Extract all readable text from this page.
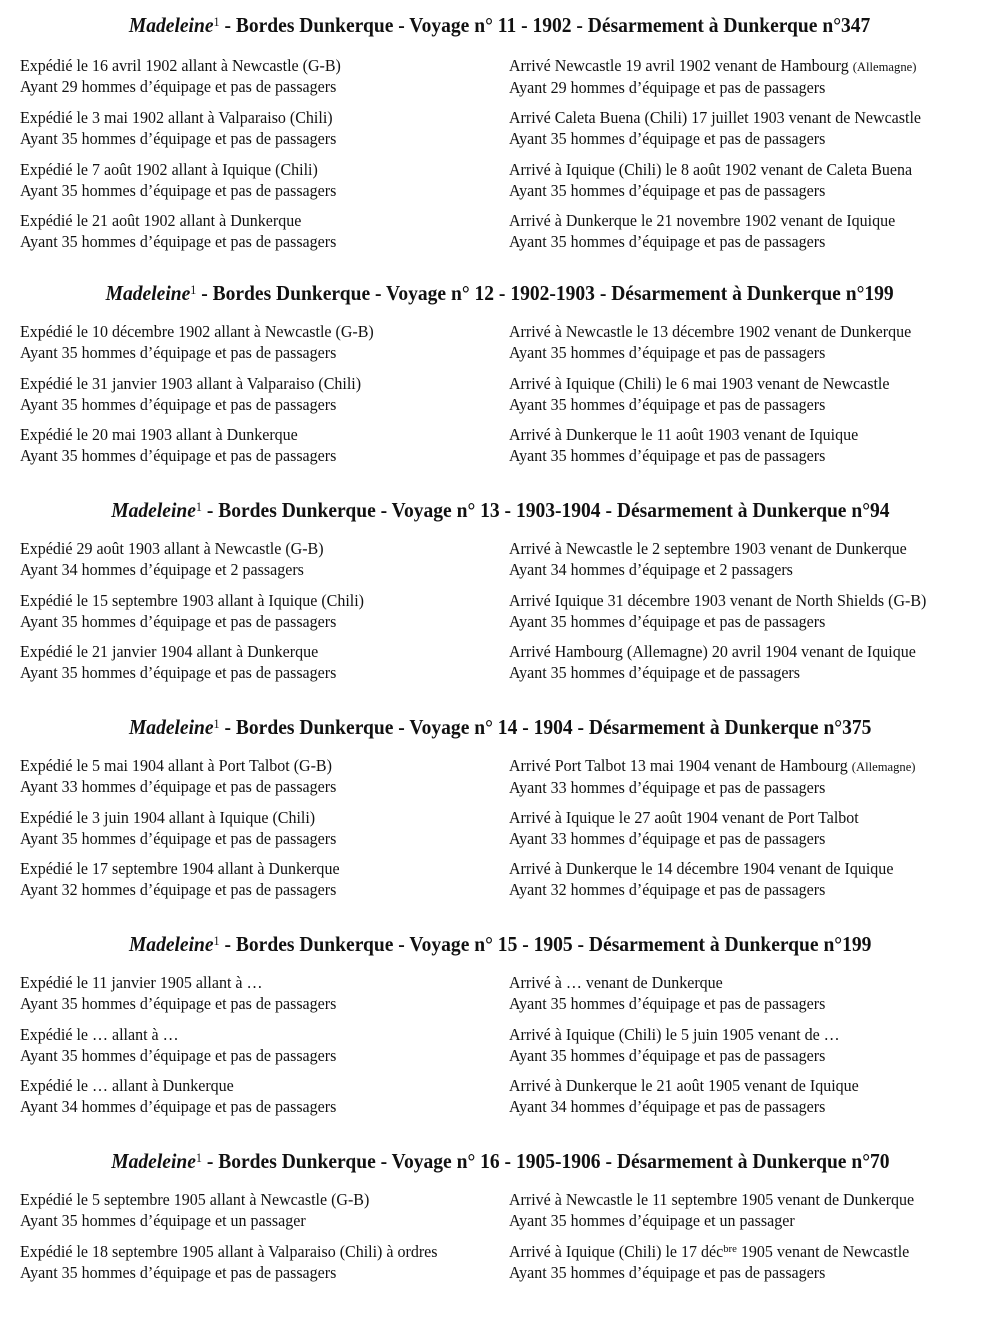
Madeleine$^1$ - Bordes Dunkerque - Voyage n° 11 - 1902 - Désarmement à Dunkerque n°347
Expédié le 16 avril 1902 allant à Newcastle (G-B)
Ayant 29 hommes d’équipage et pas de passagers
Arrivé Newcastle 19 avril 1902 venant de Hambourg (Allemagne)
Ayant 29 hommes d’équipage et pas de passagers
Expédié le 3 mai 1902 allant à Valparaiso (Chili)
Ayant 35 hommes d’équipage et pas de passagers
Arrivé Caleta Buena (Chili) 17 juillet 1903 venant de Newcastle
Ayant 35 hommes d’équipage et pas de passagers
Expédié le 7 août 1902 allant à Iquique (Chili)
Ayant 35 hommes d’équipage et pas de passagers
Arrivé à Iquique (Chili) le 8 août 1902 venant de Caleta Buena
Ayant 35 hommes d’équipage et pas de passagers
Expédié le 21 août 1902 allant à Dunkerque
Ayant 35 hommes d’équipage et pas de passagers
Arrivé à Dunkerque le 21 novembre 1902 venant de Iquique
Ayant 35 hommes d’équipage et pas de passagers
Madeleine$^1$ - Bordes Dunkerque - Voyage n° 12 - 1902-1903 - Désarmement à Dunkerque n°199
Expédié le 10 décembre 1902 allant à Newcastle (G-B)
Ayant 35 hommes d’équipage et pas de passagers
Arrivé à Newcastle le 13 décembre 1902 venant de Dunkerque
Ayant 35 hommes d’équipage et pas de passagers
Expédié le 31 janvier 1903 allant à Valparaiso (Chili)
Ayant 35 hommes d’équipage et pas de passagers
Arrivé à Iquique (Chili) le 6 mai 1903 venant de Newcastle
Ayant 35 hommes d’équipage et pas de passagers
Expédié le 20 mai 1903 allant à Dunkerque
Ayant 35 hommes d’équipage et pas de passagers
Arrivé à Dunkerque le 11 août 1903 venant de Iquique
Ayant 35 hommes d’équipage et pas de passagers
Madeleine$^1$ - Bordes Dunkerque - Voyage n° 13 - 1903-1904 - Désarmement à Dunkerque n°94
Expédié 29 août 1903 allant à Newcastle (G-B)
Ayant 34 hommes d’équipage et 2 passagers
Arrivé à Newcastle le 2 septembre 1903 venant de Dunkerque
Ayant 34 hommes d’équipage et 2 passagers
Expédié le 15 septembre 1903 allant à Iquique (Chili)
Ayant 35 hommes d’équipage et pas de passagers
Arrivé Iquique 31 décembre 1903 venant de North Shields (G-B)
Ayant 35 hommes d’équipage et pas de passagers
Expédié le 21 janvier 1904 allant à Dunkerque
Ayant 35 hommes d’équipage et pas de passagers
Arrivé Hambourg (Allemagne) 20 avril 1904 venant de Iquique
Ayant 35 hommes d’équipage et de passagers
Madeleine$^1$ - Bordes Dunkerque - Voyage n° 14 - 1904 - Désarmement à Dunkerque n°375
Expédié le 5 mai 1904 allant à Port Talbot (G-B)
Ayant 33 hommes d’équipage et pas de passagers
Arrivé Port Talbot 13 mai 1904 venant de Hambourg (Allemagne)
Ayant 33 hommes d’équipage et pas de passagers
Expédié le 3 juin 1904 allant à Iquique (Chili)
Ayant 35 hommes d’équipage et pas de passagers
Arrivé à Iquique le 27 août 1904 venant de Port Talbot
Ayant 33 hommes d’équipage et pas de passagers
Expédié le 17 septembre 1904 allant à Dunkerque
Ayant 32 hommes d’équipage et pas de passagers
Arrivé à Dunkerque le 14 décembre 1904 venant de Iquique
Ayant 32 hommes d’équipage et pas de passagers
Madeleine$^1$ - Bordes Dunkerque - Voyage n° 15 - 1905 - Désarmement à Dunkerque n°199
Expédié le 11 janvier 1905 allant à …
Ayant 35 hommes d’équipage et pas de passagers
Arrivé à … venant de Dunkerque
Ayant 35 hommes d’équipage et pas de passagers
Expédié le … allant à …
Ayant 35 hommes d’équipage et pas de passagers
Arrivé à Iquique (Chili) le 5 juin 1905 venant de …
Ayant 35 hommes d’équipage et pas de passagers
Expédié le … allant à Dunkerque
Ayant 34 hommes d’équipage et pas de passagers
Arrivé à Dunkerque le 21 août 1905 venant de Iquique
Ayant 34 hommes d’équipage et pas de passagers
Madeleine$^1$ - Bordes Dunkerque - Voyage n° 16 - 1905-1906 - Désarmement à Dunkerque n°70
Expédié le 5 septembre 1905 allant à Newcastle (G-B)
Ayant 35 hommes d’équipage et un passager
Arrivé à Newcastle le 11 septembre 1905 venant de Dunkerque
Ayant 35 hommes d’équipage et un passager
Expédié le 18 septembre 1905 allant à Valparaiso (Chili) à ordres
Ayant 35 hommes d’équipage et pas de passagers
Arrivé à Iquique (Chili) le 17 déc$^{bre}$ 1905 venant de Newcastle
Ayant 35 hommes d’équipage et pas de passagers
